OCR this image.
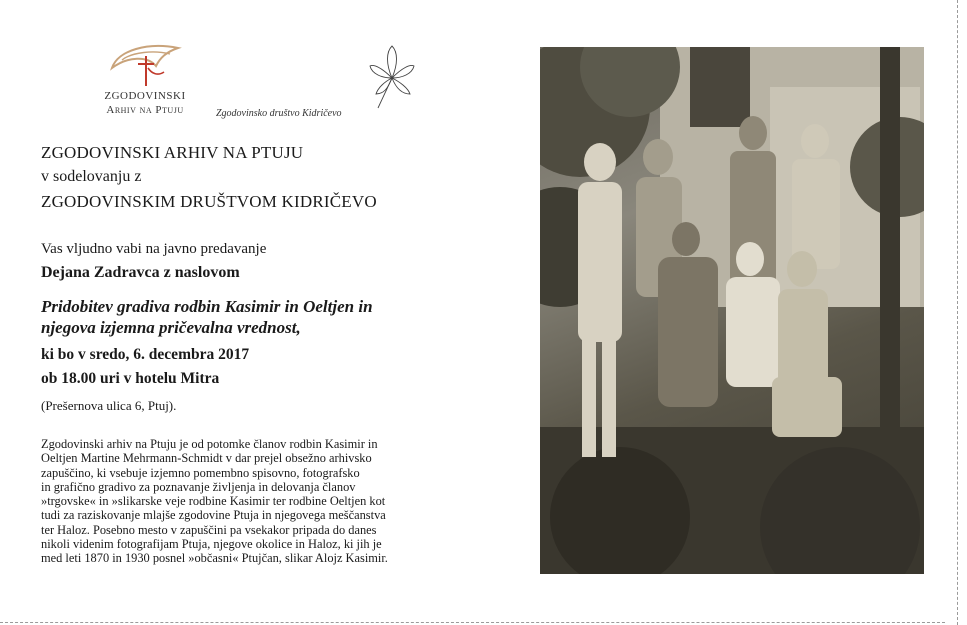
ZGODOVINSKI
Arhiv na Ptuju	Zgodovinsko društvo Kidričevo
ZGODOVINSKI ARHIV NA PTUJU
v sodelovanju z
ZGODOVINSKIM DRUŠTVOM KIDRIČEVO
Vas vljudno vabi na javno predavanje
Dejana Zadravca z naslovom
Pridobitev gradiva rodbin Kasimir in Oeltjen in
njegova izjemna pričevalna vrednost,
ki bo v sredo, 6. decembra 2017
ob 18.00 uri v hotelu Mitra
(Prešernova ulica 6, Ptuj).
Zgodovinski arhiv na Ptuju je od potomke članov rodbin Kasimir in
Oeltjen Martine Mehrmann-Schmidt v dar prejel obsežno arhivsko
zapuščino, ki vsebuje izjemno pomembno spisovno, fotografsko
in grafično gradivo za poznavanje življenja in delovanja članov
»trgovske« in »slikarske veje rodbine Kasimir ter rodbine Oeltjen kot
tudi za raziskovanje mlajše zgodovine Ptuja in njegovega meščanstva
ter Haloz. Posebno mesto v zapuščini pa vsekakor pripada do danes
nikoli videnim fotografijam Ptuja, njegove okolice in Haloz, ki jih je
med leti 1870 in 1930 posnel »občasni« Ptujčan, slikar Alojz Kasimir.
